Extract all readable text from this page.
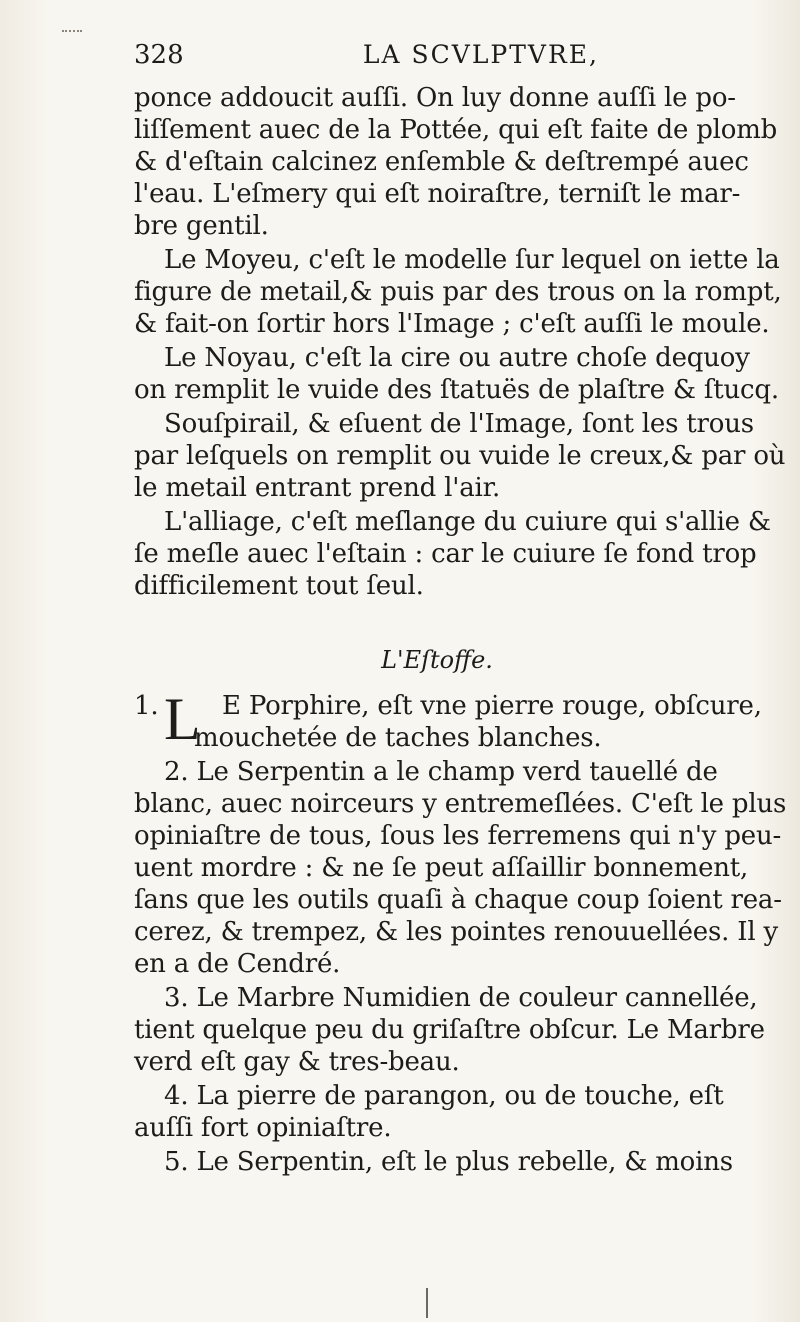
328	LA SCVLPTVRE,
ponce addoucit auſſi. On luy donne auſſi le po-
liſſement auec de la Pottée, qui eſt faite de plomb
& d'eſtain calcinez enſemble & deſtrempé auec
l'eau. L'eſmery qui eſt noiraſtre, terniſt le mar-
bre gentil.
Le Moyeu, c'eſt le modelle ſur lequel on iette la
figure de metail,& puis par des trous on la rompt,
& fait-on ſortir hors l'Image ; c'eſt auſſi le moule.
Le Noyau, c'eſt la cire ou autre choſe dequoy
on remplit le vuide des ſtatuës de plaſtre & ſtucq.
Souſpirail, & eſuent de l'Image, ſont les trous
par leſquels on remplit ou vuide le creux,& par où
le metail entrant prend l'air.
L'alliage, c'eſt meſlange du cuiure qui s'allie &
ſe meſle auec l'eſtain : car le cuiure ſe fond trop
difficilement tout ſeul.
L'Eſtoffe.
1. E Porphire, eſt vne pierre rouge, obſcure,
L
mouchetée de taches blanches.
2. Le Serpentin a le champ verd tauellé de
blanc, auec noirceurs y entremeſlées. C'eſt le plus
opiniaſtre de tous, ſous les ferremens qui n'y peu-
uent mordre : & ne ſe peut aſſaillir bonnement,
ſans que les outils quaſi à chaque coup ſoient rea-
cerez, & trempez, & les pointes renouuellées. Il y
en a de Cendré.
3. Le Marbre Numidien de couleur cannellée,
tient quelque peu du griſaſtre obſcur. Le Marbre
verd eſt gay & tres-beau.
4. La pierre de parangon, ou de touche, eſt
auſſi fort opiniaſtre.
5. Le Serpentin, eſt le plus rebelle, & moins
